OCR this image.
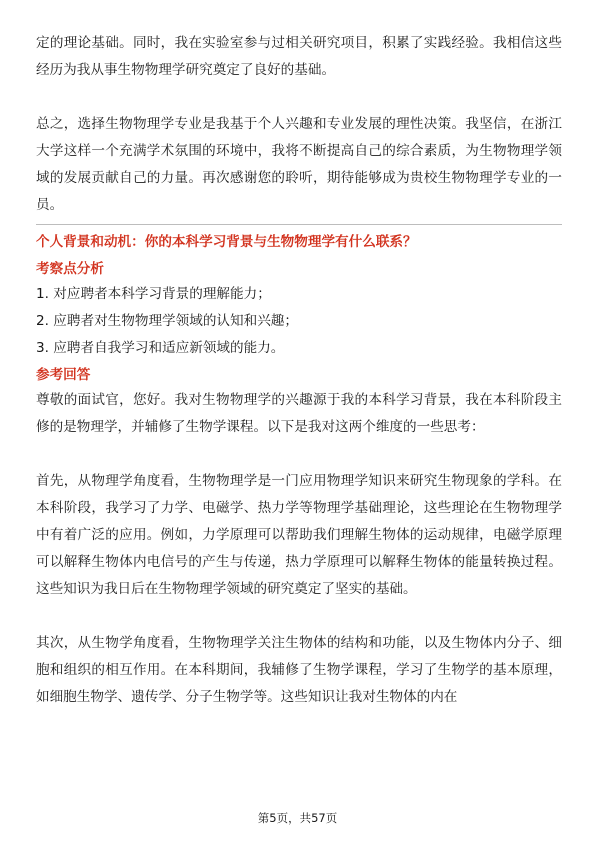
定的理论基础。同时，我在实验室参与过相关研究项目，积累了实践经验。我相信这些经历为我从事生物物理学研究奠定了良好的基础。

总之，选择生物物理学专业是我基于个人兴趣和专业发展的理性决策。我坚信，在浙江大学这样一个充满学术氛围的环境中，我将不断提高自己的综合素质，为生物物理学领域的发展贡献自己的力量。再次感谢您的聆听，期待能够成为贵校生物物理学专业的一员。

个人背景和动机：你的本科学习背景与生物物理学有什么联系？

考察点分析

1. 对应聘者本科学习背景的理解能力；

2. 应聘者对生物物理学领域的认知和兴趣；

3. 应聘者自我学习和适应新领域的能力。

参考回答

尊敬的面试官，您好。我对生物物理学的兴趣源于我的本科学习背景，我在本科阶段主修的是物理学，并辅修了生物学课程。以下是我对这两个维度的一些思考：

首先，从物理学角度看，生物物理学是一门应用物理学知识来研究生物现象的学科。在本科阶段，我学习了力学、电磁学、热力学等物理学基础理论，这些理论在生物物理学中有着广泛的应用。例如，力学原理可以帮助我们理解生物体的运动规律，电磁学原理可以解释生物体内电信号的产生与传递，热力学原理可以解释生物体的能量转换过程。这些知识为我日后在生物物理学领域的研究奠定了坚实的基础。

其次，从生物学角度看，生物物理学关注生物体的结构和功能，以及生物体内分子、细胞和组织的相互作用。在本科期间，我辅修了生物学课程，学习了生物学的基本原理，如细胞生物学、遗传学、分子生物学等。这些知识让我对生物体的内在

第5页，共57页
